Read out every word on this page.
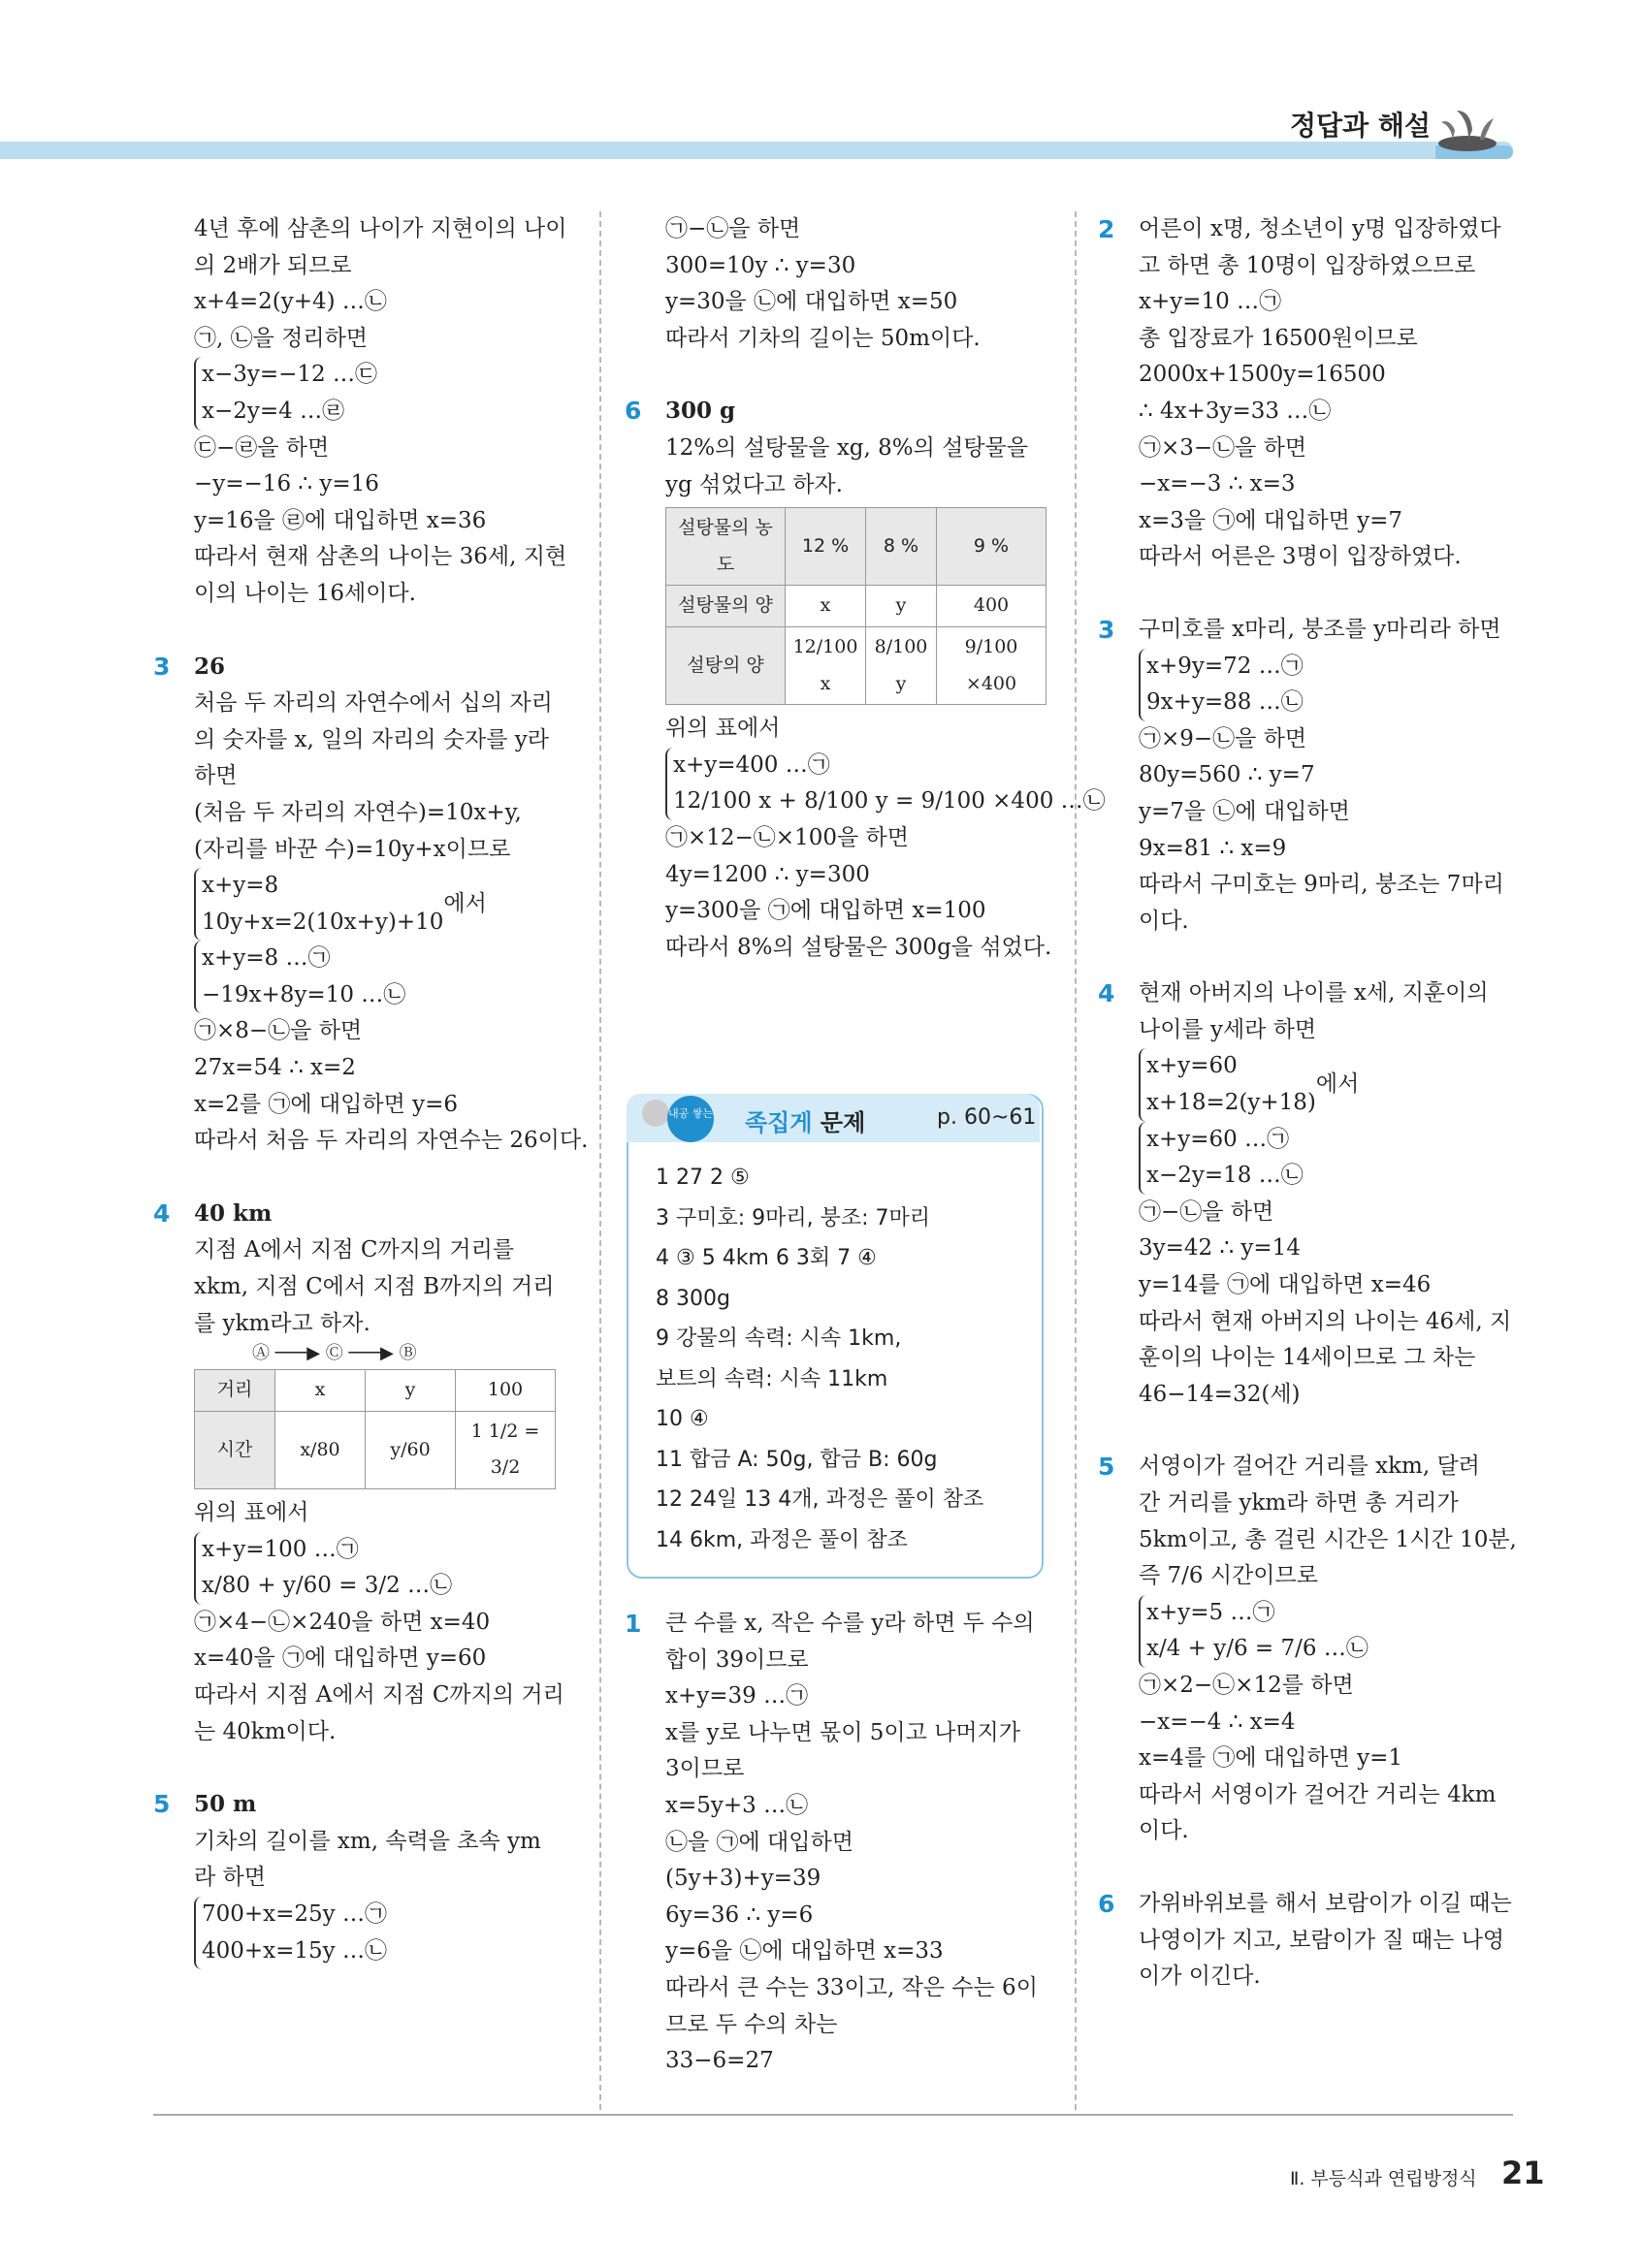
정답과 해설
4년 후에 삼촌의 나이가 지현이의 나이
의 2배가 되므로
x+4=2(y+4) …㉡
㉠, ㉡을 정리하면
x−3y=−12 …㉢
x−2y=4 …㉣
㉢−㉣을 하면
−y=−16 ∴ y=16
y=16을 ㉣에 대입하면 x=36
따라서 현재 삼촌의 나이는 36세, 지현
이의 나이는 16세이다.
3 26
처음 두 자리의 자연수에서 십의 자리
의 숫자를 x, 일의 자리의 숫자를 y라
하면
(처음 두 자리의 자연수)=10x+y,
(자리를 바꾼 수)=10y+x이므로
x+y=8
10y+x=2(10x+y)+10
에서
x+y=8 …㉠
−19x+8y=10 …㉡
㉠×8−㉡을 하면
27x=54 ∴ x=2
x=2를 ㉠에 대입하면 y=6
따라서 처음 두 자리의 자연수는 26이다.
4 40 km
지점 A에서 지점 C까지의 거리를
xkm, 지점 C에서 지점 B까지의 거리
를 ykm라고 하자.
Ⓐ ───▶ Ⓒ ───▶ Ⓑ
거리	x	y	100
시간	x/80	y/60	1 1/2 = 3/2
위의 표에서
x+y=100 …㉠
x/80 + y/60 = 3/2 …㉡
㉠×4−㉡×240을 하면 x=40
x=40을 ㉠에 대입하면 y=60
따라서 지점 A에서 지점 C까지의 거리
는 40km이다.
5 50 m
기차의 길이를 xm, 속력을 초속 ym
라 하면
700+x=25y …㉠
400+x=15y …㉡
㉠−㉡을 하면
300=10y ∴ y=30
y=30을 ㉡에 대입하면 x=50
따라서 기차의 길이는 50m이다.
6 300 g
12%의 설탕물을 xg, 8%의 설탕물을
yg 섞었다고 하자.
설탕물의 농도	12 %	8 %	9 %
설탕물의 양	x	y	400
설탕의 양	12/100 x	8/100 y	9/100 ×400
위의 표에서
x+y=400 …㉠
12/100 x + 8/100 y = 9/100 ×400 …㉡
㉠×12−㉡×100을 하면
4y=1200 ∴ y=300
y=300을 ㉠에 대입하면 x=100
따라서 8%의 설탕물은 300g을 섞었다.
내공 쌓는 족집게 문제	p. 60~61
1 27 2 ⑤
3 구미호: 9마리, 붕조: 7마리
4 ③ 5 4km 6 3회 7 ④
8 300g
9 강물의 속력: 시속 1km,
보트의 속력: 시속 11km
10 ④
11 합금 A: 50g, 합금 B: 60g
12 24일 13 4개, 과정은 풀이 참조
14 6km, 과정은 풀이 참조
1 큰 수를 x, 작은 수를 y라 하면 두 수의
합이 39이므로
x+y=39 …㉠
x를 y로 나누면 몫이 5이고 나머지가
3이므로
x=5y+3 …㉡
㉡을 ㉠에 대입하면
(5y+3)+y=39
6y=36 ∴ y=6
y=6을 ㉡에 대입하면 x=33
따라서 큰 수는 33이고, 작은 수는 6이
므로 두 수의 차는
33−6=27
2 어른이 x명, 청소년이 y명 입장하였다
고 하면 총 10명이 입장하였으므로
x+y=10 …㉠
총 입장료가 16500원이므로
2000x+1500y=16500
∴ 4x+3y=33 …㉡
㉠×3−㉡을 하면
−x=−3 ∴ x=3
x=3을 ㉠에 대입하면 y=7
따라서 어른은 3명이 입장하였다.
3 구미호를 x마리, 붕조를 y마리라 하면
x+9y=72 …㉠
9x+y=88 …㉡
㉠×9−㉡을 하면
80y=560 ∴ y=7
y=7을 ㉡에 대입하면
9x=81 ∴ x=9
따라서 구미호는 9마리, 붕조는 7마리
이다.
4 현재 아버지의 나이를 x세, 지훈이의
나이를 y세라 하면
x+y=60
x+18=2(y+18)
에서
x+y=60 …㉠
x−2y=18 …㉡
㉠−㉡을 하면
3y=42 ∴ y=14
y=14를 ㉠에 대입하면 x=46
따라서 현재 아버지의 나이는 46세, 지
훈이의 나이는 14세이므로 그 차는
46−14=32(세)
5 서영이가 걸어간 거리를 xkm, 달려
간 거리를 ykm라 하면 총 거리가
5km이고, 총 걸린 시간은 1시간 10분,
즉 7/6 시간이므로
x+y=5 …㉠
x/4 + y/6 = 7/6 …㉡
㉠×2−㉡×12를 하면
−x=−4 ∴ x=4
x=4를 ㉠에 대입하면 y=1
따라서 서영이가 걸어간 거리는 4km
이다.
6 가위바위보를 해서 보람이가 이길 때는
나영이가 지고, 보람이가 질 때는 나영
이가 이긴다.
Ⅱ. 부등식과 연립방정식 21
